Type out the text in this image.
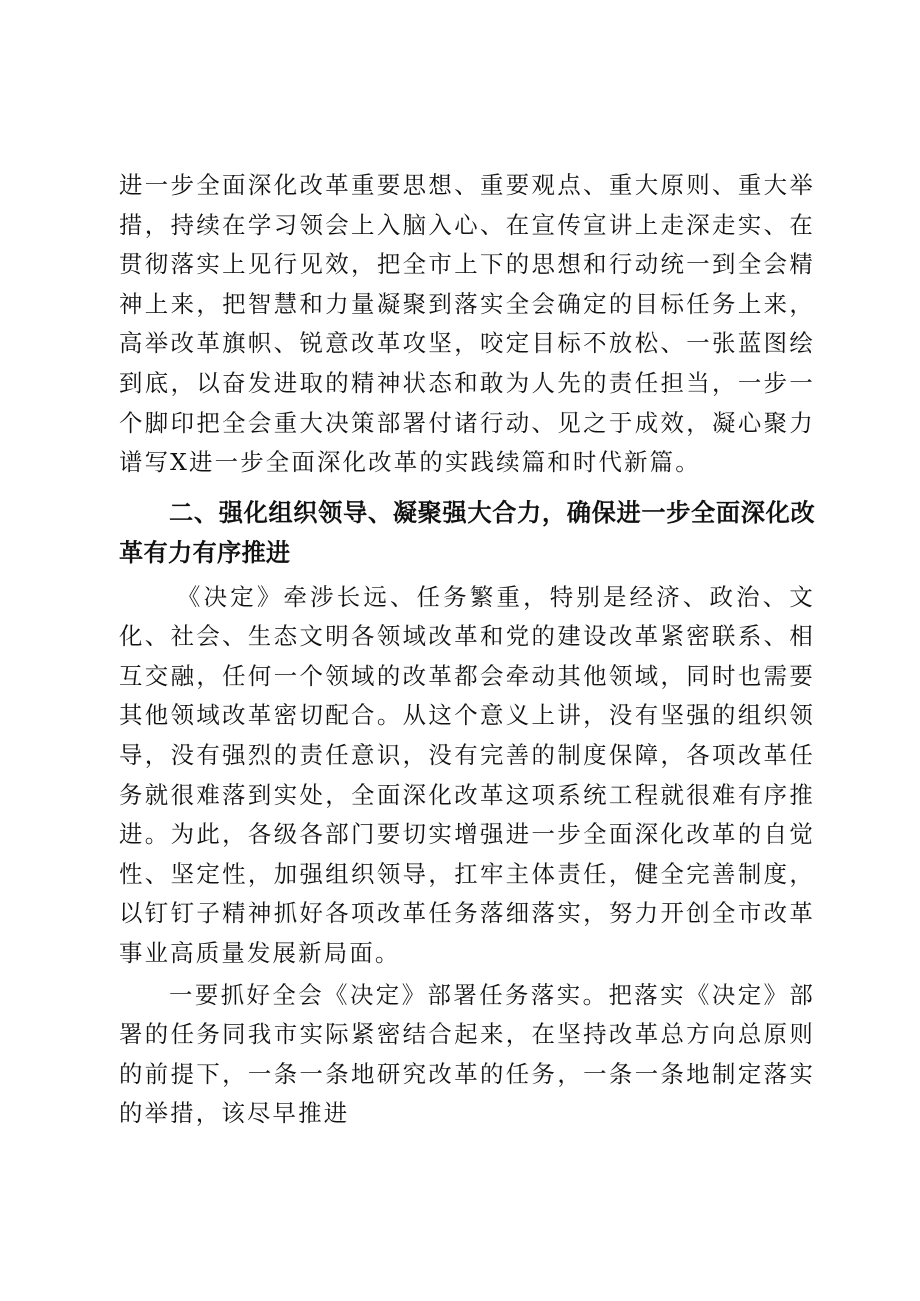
进一步全面深化改革重要思想、重要观点、重大原则、重大举措，持续在学习领会上入脑入心、在宣传宣讲上走深走实、在贯彻落实上见行见效，把全市上下的思想和行动统一到全会精神上来，把智慧和力量凝聚到落实全会确定的目标任务上来，高举改革旗帜、锐意改革攻坚，咬定目标不放松、一张蓝图绘到底，以奋发进取的精神状态和敢为人先的责任担当，一步一个脚印把全会重大决策部署付诸行动、见之于成效，凝心聚力谱写X进一步全面深化改革的实践续篇和时代新篇。

二、强化组织领导、凝聚强大合力，确保进一步全面深化改革有力有序推进

《决定》牵涉长远、任务繁重，特别是经济、政治、文化、社会、生态文明各领域改革和党的建设改革紧密联系、相互交融，任何一个领域的改革都会牵动其他领域，同时也需要其他领域改革密切配合。从这个意义上讲，没有坚强的组织领导，没有强烈的责任意识，没有完善的制度保障，各项改革任务就很难落到实处，全面深化改革这项系统工程就很难有序推进。为此，各级各部门要切实增强进一步全面深化改革的自觉性、坚定性，加强组织领导，扛牢主体责任，健全完善制度，以钉钉子精神抓好各项改革任务落细落实，努力开创全市改革事业高质量发展新局面。

一要抓好全会《决定》部署任务落实。把落实《决定》部署的任务同我市实际紧密结合起来，在坚持改革总方向总原则的前提下，一条一条地研究改革的任务，一条一条地制定落实的举措，该尽早推进
